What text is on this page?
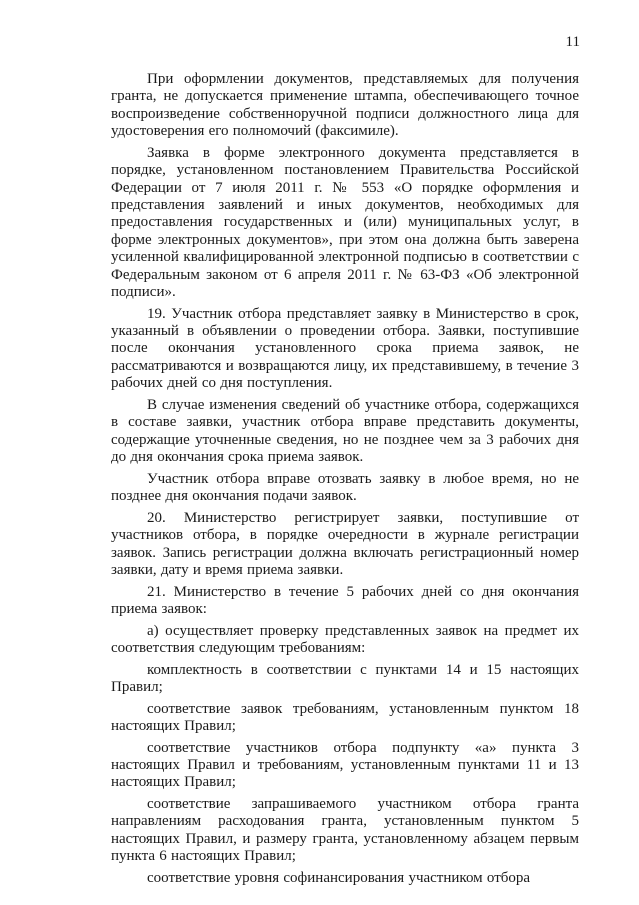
11

При оформлении документов, представляемых для получения гранта, не допускается применение штампа, обеспечивающего точное воспроизведение собственноручной подписи должностного лица для удостоверения его полномочий (факсимиле).

Заявка в форме электронного документа представляется в порядке, установленном постановлением Правительства Российской Федерации от 7 июля 2011 г. № 553 «О порядке оформления и представления заявлений и иных документов, необходимых для предоставления государственных и (или) муниципальных услуг, в форме электронных документов», при этом она должна быть заверена усиленной квалифицированной электронной подписью в соответствии с Федеральным законом от 6 апреля 2011 г. № 63-ФЗ «Об электронной подписи».

19. Участник отбора представляет заявку в Министерство в срок, указанный в объявлении о проведении отбора. Заявки, поступившие после окончания установленного срока приема заявок, не рассматриваются и возвращаются лицу, их представившему, в течение 3 рабочих дней со дня поступления.

В случае изменения сведений об участнике отбора, содержащихся в составе заявки, участник отбора вправе представить документы, содержащие уточненные сведения, но не позднее чем за 3 рабочих дня до дня окончания срока приема заявок.

Участник отбора вправе отозвать заявку в любое время, но не позднее дня окончания подачи заявок.

20. Министерство регистрирует заявки, поступившие от участников отбора, в порядке очередности в журнале регистрации заявок. Запись регистрации должна включать регистрационный номер заявки, дату и время приема заявки.

21. Министерство в течение 5 рабочих дней со дня окончания приема заявок:

а) осуществляет проверку представленных заявок на предмет их соответствия следующим требованиям:

комплектность в соответствии с пунктами 14 и 15 настоящих Правил;

соответствие заявок требованиям, установленным пунктом 18 настоящих Правил;

соответствие участников отбора подпункту «а» пункта 3 настоящих Правил и требованиям, установленным пунктами 11 и 13 настоящих Правил;

соответствие запрашиваемого участником отбора гранта направлениям расходования гранта, установленным пунктом 5 настоящих Правил, и размеру гранта, установленному абзацем первым пункта 6 настоящих Правил;

соответствие уровня софинансирования участником отбора
